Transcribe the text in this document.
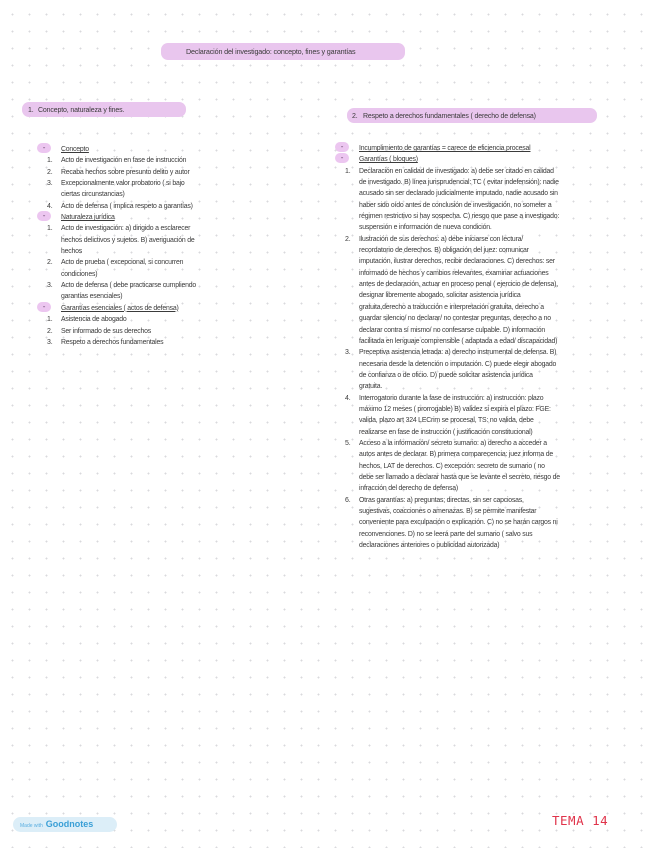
Declaración del investigado: concepto, fines y garantías
1. Concepto, naturaleza y fines.
2. Respeto a derechos fundamentales ( derecho de defensa)
-	Concepto
1. Acto de investigación en fase de instrucción
2. Recaba hechos sobre presunto delito y autor
3. Excepcionalmente valor probatorio ( si bajo
ciertas circunstancias)
4. Acto de defensa ( implica respeto a garantías)
-	Naturaleza jurídica
1. Acto de investigación: a) dirigido a esclarecer
hechos delictivos y sujetos. B) averiguación de
hechos
2. Acto de prueba ( excepcional, si concurren
condiciones)
3. Acto de defensa ( debe practicarse cumpliendo
garantías esenciales)
-	Garantías esenciales ( actos de defensa)
1. Asistencia de abogado
2. Ser informado de sus derechos
3. Respeto a derechos fundamentales
-	Incumplimiento de garantías = carece de eficiencia procesal
-	Garantías ( bloques)
1. Declaración en calidad de investigado: a) debe ser citado en calidad
de investigado. B) línea jurisprudencial: TC ( evitar indefensión): nadie
acusado sin ser declarado judicialmente imputado, nadie acusado sin
haber sido oído antes de conclusión de investigación, no someter a
régimen restrictivo si hay sospecha. C) riesgo que pase a investigado:
suspensión e información de nueva condición.
2. Ilustración de sus derechos: a) debe iniciarse con lectura/
recordatorio de derechos. B) obligación del juez: comunicar
imputación, ilustrar derechos, recibir declaraciones. C) derechos: ser
informado de hechos y cambios relevantes, examinar actuaciones
antes de declaración, actuar en proceso penal ( ejercicio de defensa),
designar libremente abogado, solicitar asistencia jurídica
gratuita,derecho a traducción e interpretación gratuita, derecho a
guardar silencio/ no declarar/ no contestar preguntas, derecho a no
declarar contra sí mismo/ no confesarse culpable. D) información
facilitada en lenguaje comprensible ( adaptada a edad/ discapacidad)
3. Preceptiva asistencia letrada: a) derecho instrumental de defensa. B)
necesaria desde la detención o imputación. C) puede elegir abogado
de confianza o de oficio. D) puede solicitar asistencia jurídica
gratuita.
4. Interrogatorio durante la fase de instrucción: a) instrucción: plazo
máximo 12 meses ( prorrogable) B) validez si expira el plazo: FGE:
valida, plazo art 324 LECrim se procesal, TS: no valida, debe
realizarse en fase de instrucción ( justificación constitucional)
5. Acceso a la información/ secreto sumario: a) derecho a acceder a
autos antes de declarar. B) primera comparecencia: juez informa de
hechos, LAT de derechos. C) excepción: secreto de sumario ( no
debe ser llamado a declarar hasta que se levante el secreto, riesgo de
infracción del derecho de defensa)
6. Otras garantías: a) preguntas; directas, sin ser capciosas,
sugestivas, coacciones o amenazas. B) se permite manifestar
conveniente para exculpación o explicación. C) no se harán cargos ni
reconvenciones. D) no se leerá parte del sumario ( salvo sus
declaraciones anteriores o publicidad autorizada)
Made with Goodnotes	TEMA 14
